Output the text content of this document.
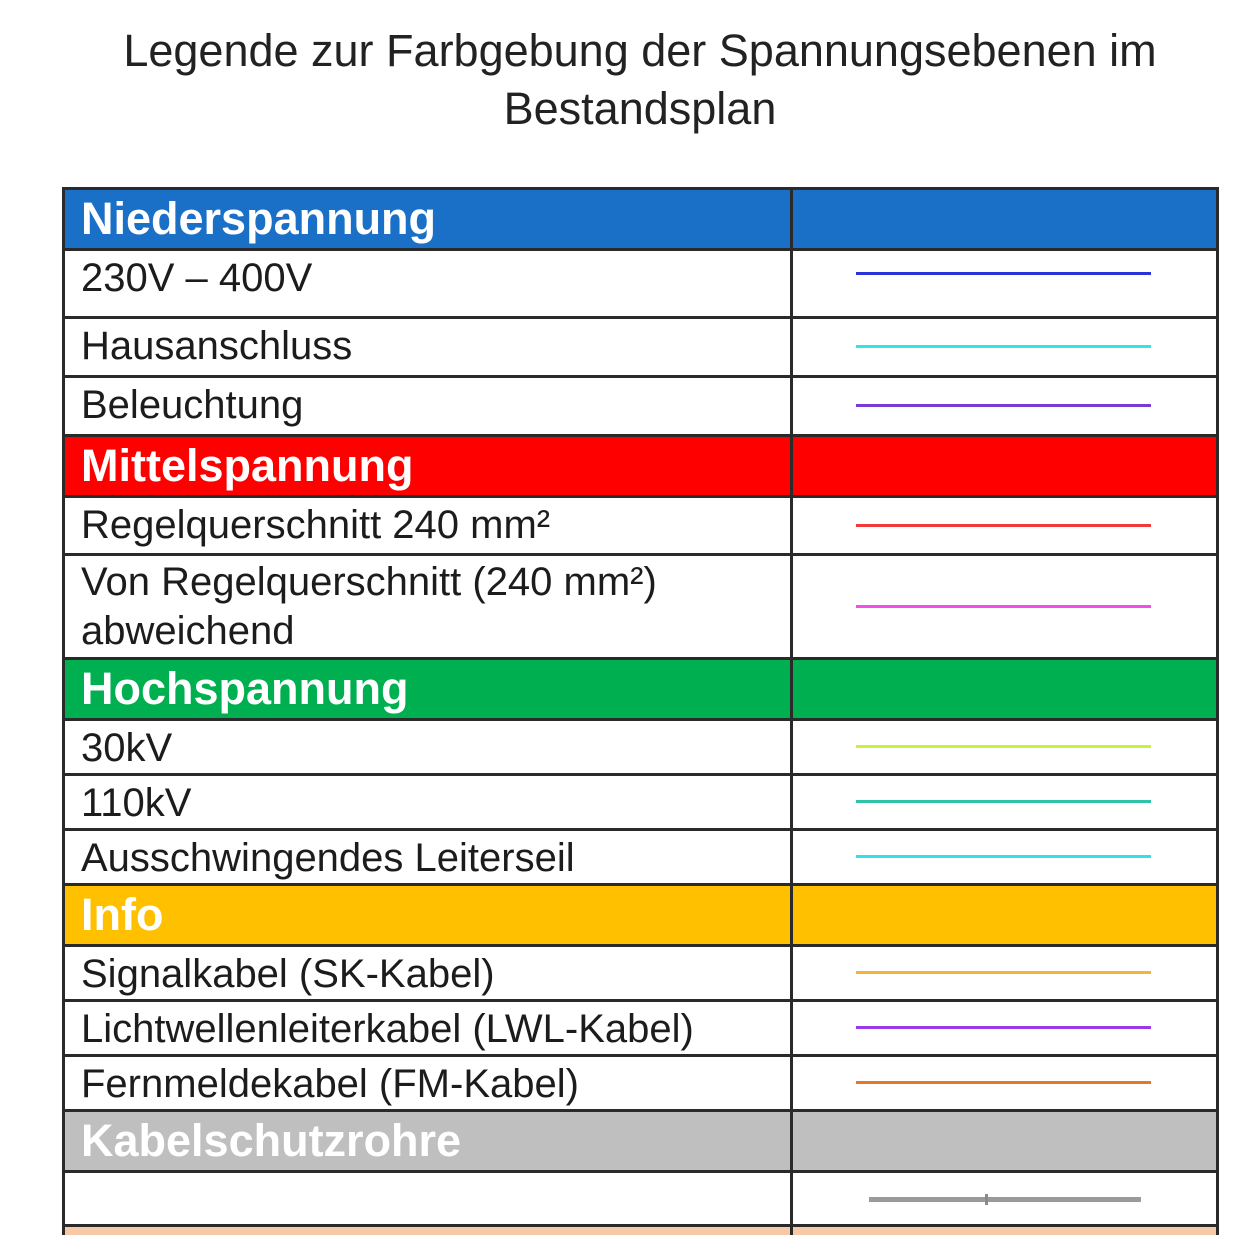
Legende zur Farbgebung der Spannungsebenen im Bestandsplan
Niederspannung	
230V – 400V	

Hausanschluss	

Beleuchtung	

Mittelspannung	
Regelquerschnitt 240 mm²	

Von Regelquerschnitt (240 mm²) abweichend	

Hochspannung	
30kV	

110kV	

Ausschwingendes Leiterseil	

Info	
Signalkabel (SK-Kabel)	

Lichtwellenleiterkabel (LWL-Kabel)	

Fernmeldekabel (FM-Kabel)	

Kabelschutzrohre	
